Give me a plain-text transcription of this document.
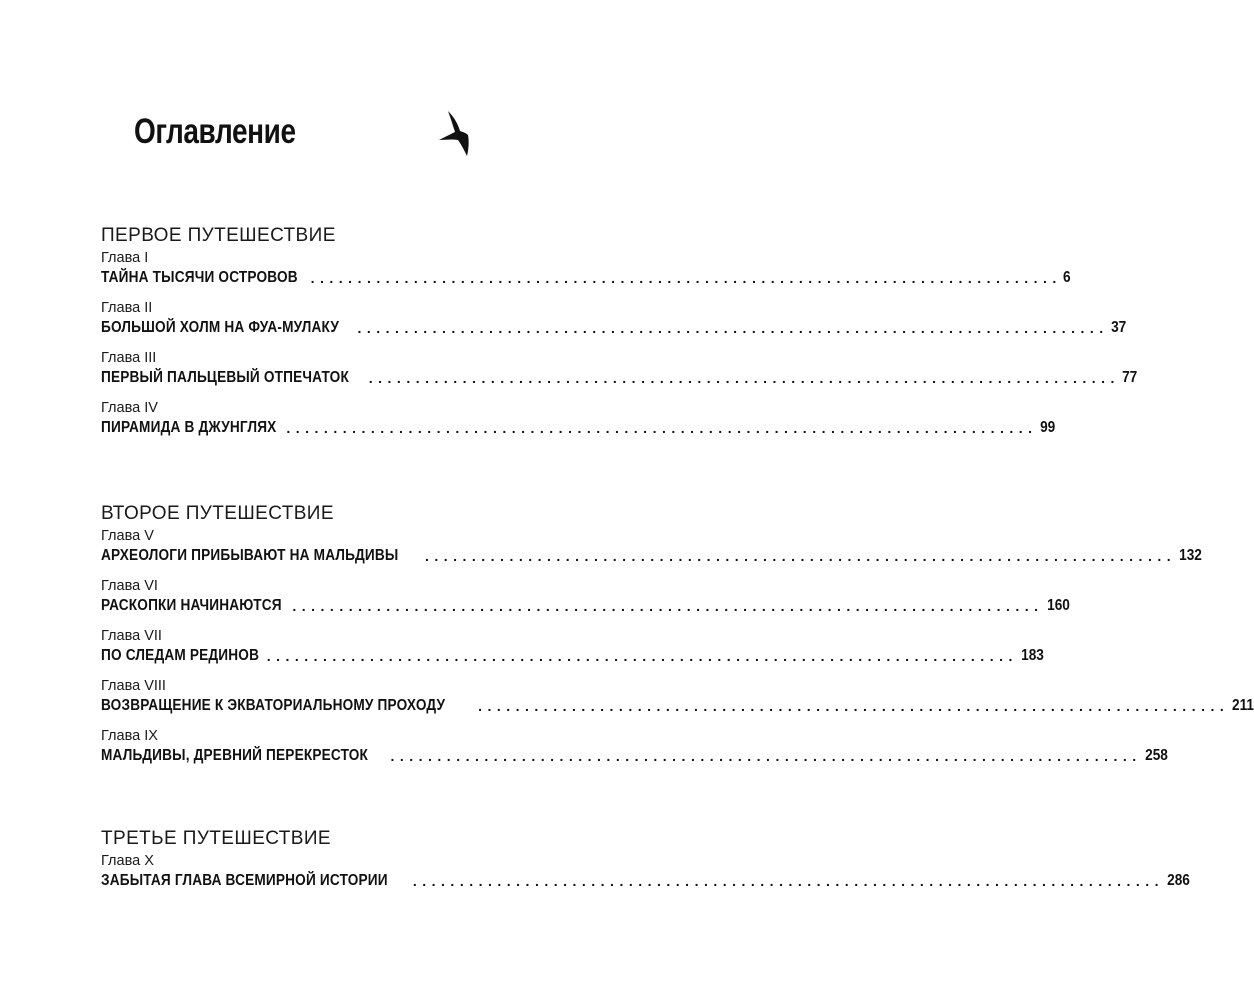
Оглавление
ПЕРВОЕ ПУТЕШЕСТВИЕ
Глава I
ТАЙНА ТЫСЯЧИ ОСТРОВОВ ................................................................................ 6
Глава II
БОЛЬШОЙ ХОЛМ НА ФУА-МУЛАКУ ................................................................................ 37
Глава III
ПЕРВЫЙ ПАЛЬЦЕВЫЙ ОТПЕЧАТОК ................................................................................ 77
Глава IV
ПИРАМИДА В ДЖУНГЛЯХ ................................................................................ 99
ВТОРОЕ ПУТЕШЕСТВИЕ
Глава V
АРХЕОЛОГИ ПРИБЫВАЮТ НА МАЛЬДИВЫ ................................................................................ 132
Глава VI
РАСКОПКИ НАЧИНАЮТСЯ ................................................................................ 160
Глава VII
ПО СЛЕДАМ РЕДИНОВ ................................................................................ 183
Глава VIII
ВОЗВРАЩЕНИЕ К ЭКВАТОРИАЛЬНОМУ ПРОХОДУ ................................................................................ 211
Глава IX
МАЛЬДИВЫ, ДРЕВНИЙ ПЕРЕКРЕСТОК ................................................................................ 258
ТРЕТЬЕ ПУТЕШЕСТВИЕ
Глава X
ЗАБЫТАЯ ГЛАВА ВСЕМИРНОЙ ИСТОРИИ ................................................................................ 286
